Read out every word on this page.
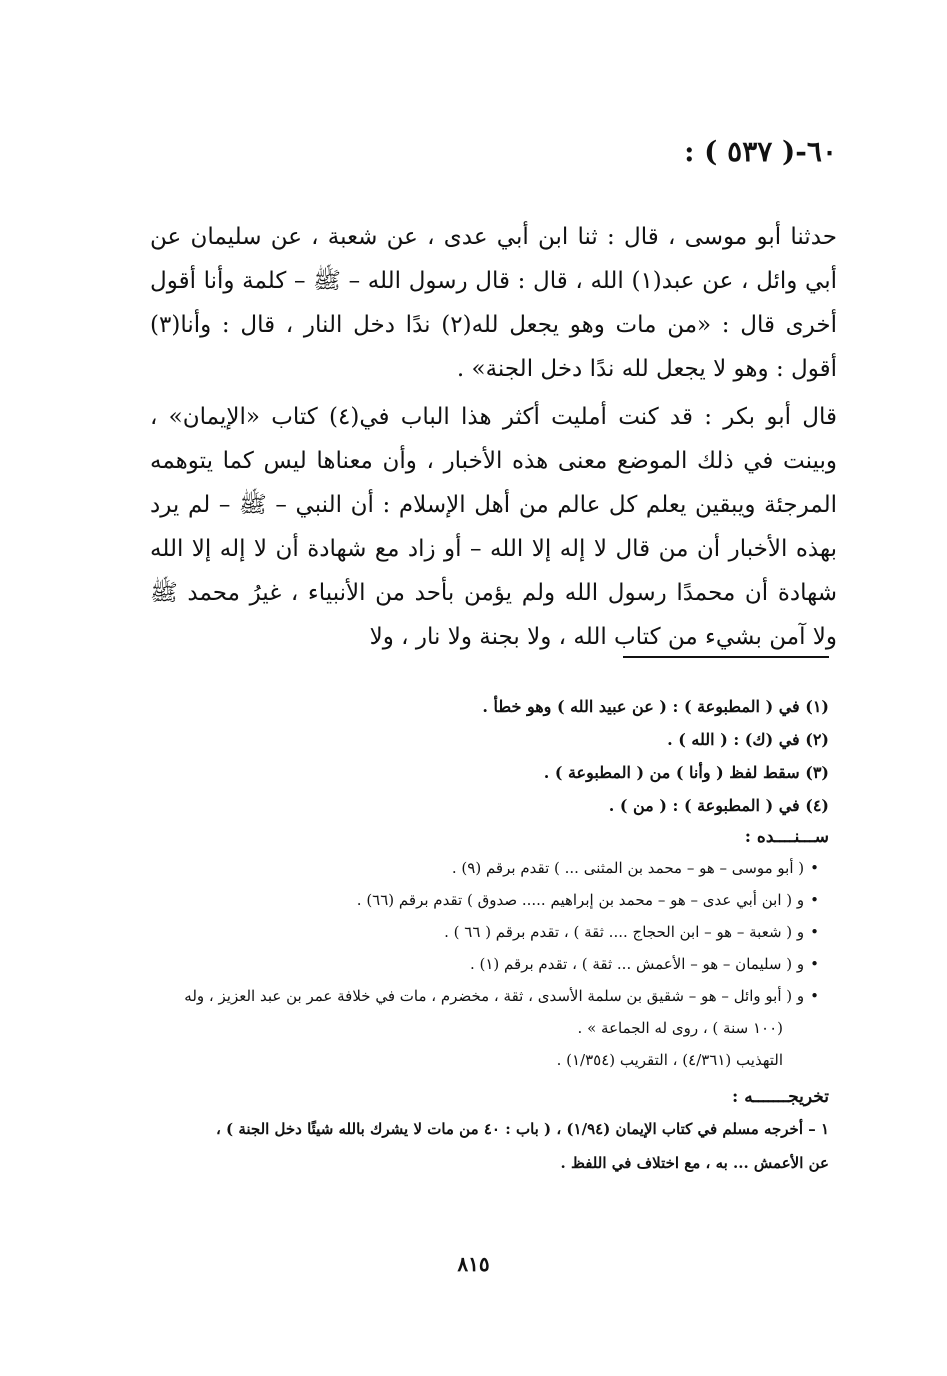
٦٠-( ٥٣٧ ) :

حدثنا أبو موسى ، قال : ثنا ابن أبي عدى ، عن شعبة ، عن سليمان عن أبي وائل ، عن عبد(١) الله ، قال : قال رسول الله – ﷺ – كلمة وأنا أقول أخرى قال : «من مات وهو يجعل لله(٢) ندًا دخل النار ، قال : وأنا(٣) أقول : وهو لا يجعل لله ندًا دخل الجنة» .

قال أبو بكر : قد كنت أمليت أكثر هذا الباب في(٤) كتاب «الإيمان» ، وبينت في ذلك الموضع معنى هذه الأخبار ، وأن معناها ليس كما يتوهمه المرجئة ويبقين يعلم كل عالم من أهل الإسلام : أن النبي – ﷺ – لم يرد بهذه الأخبار أن من قال لا إله إلا الله – أو زاد مع شهادة أن لا إله إلا الله شهادة أن محمدًا رسول الله ولم يؤمن بأحد من الأنبياء ، غيرُ محمد ﷺ ولا آمن بشيء من كتاب الله ، ولا بجنة ولا نار ، ولا

(١) في ( المطبوعة ) : ( عن عبيد الله ) وهو خطأ .
(٢) في (ك) : ( الله ) .
(٣) سقط لفظ ( وأنا ) من ( المطبوعة ) .
(٤) في ( المطبوعة ) : ( من ) .
ســـنــــده :
•( أبو موسى – هو – محمد بن المثنى ... ) تقدم برقم (٩) .
•و ( ابن أبي عدى – هو – محمد بن إبراهيم ..... صدوق ) تقدم برقم (٦٦) .
•و ( شعبة – هو – ابن الحجاج .... ثقة ) ، تقدم برقم ( ٦٦ ) .
•و ( سليمان – هو – الأعمش ... ثقة ) ، تقدم برقم (١) .
•و ( أبو وائل – هو – شقيق بن سلمة الأسدى ، ثقة ، مخضرم ، مات في خلافة عمر بن عبد العزيز ، وله
(١٠٠ سنة ) ، روى له الجماعة » .
التهذيب (٤/٣٦١) ، التقريب (١/٣٥٤) .
تخريجـــــــه :
١ – أخرجه مسلم في كتاب الإيمان (١/٩٤) ، ( باب : ٤٠ من مات لا يشرك بالله شيئًا دخل الجنة ) ،
عن الأعمش ... به ، مع اختلاف في اللفظ .
٨١٥
